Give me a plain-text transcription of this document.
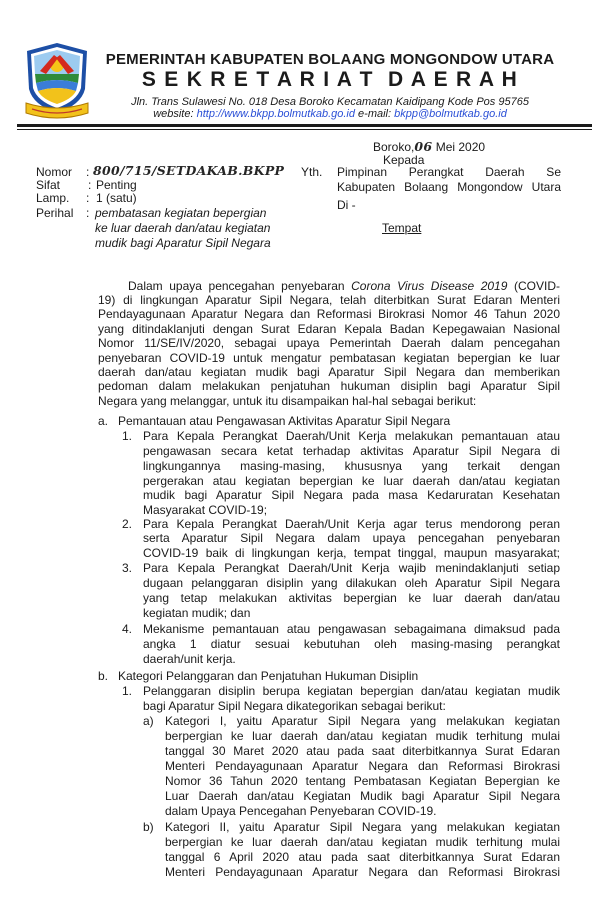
PEMERINTAH KABUPATEN BOLAANG MONGONDOW UTARA
S E K R E T A R I A T  D A E R A H
Jln. Trans Sulawesi No. 018 Desa Boroko Kecamatan Kaidipang Kode Pos 95765
website: http://www.bkpp.bolmutkab.go.id e-mail: bkpp@bolmutkab.go.id
Boroko,06 Mei 2020
Kepada
Yth. Pimpinan Perangkat Daerah Se
Kabupaten Bolaang Mongondow Utara
Di -
Tempat
Nomor : 800/715/SETDAKAB.BKPP
Sifat : Penting
Lamp. : 1 (satu)
Perihal : pembatasan kegiatan bepergian
ke luar daerah dan/atau kegiatan
mudik bagi Aparatur Sipil Negara
Dalam upaya pencegahan penyebaran Corona Virus Disease 2019 (COVID-
19) di lingkungan Aparatur Sipil Negara, telah diterbitkan Surat Edaran Menteri
Pendayagunaan Aparatur Negara dan Reformasi Birokrasi Nomor 46 Tahun 2020
yang ditindaklanjuti dengan Surat Edaran Kepala Badan Kepegawaian Nasional
Nomor 11/SE/IV/2020, sebagai upaya Pemerintah Daerah dalam pencegahan
penyebaran COVID-19 untuk mengatur pembatasan kegiatan bepergian ke luar
daerah dan/atau kegiatan mudik bagi Aparatur Sipil Negara dan memberikan
pedoman dalam melakukan penjatuhan hukuman disiplin bagi Aparatur Sipil
Negara yang melanggar, untuk itu disampaikan hal-hal sebagai berikut:
a. Pemantauan atau Pengawasan Aktivitas Aparatur Sipil Negara
1. Para Kepala Perangkat Daerah/Unit Kerja melakukan pemantauan atau
pengawasan secara ketat terhadap aktivitas Aparatur Sipil Negara di
lingkungannya masing-masing, khususnya yang terkait dengan
pergerakan atau kegiatan bepergian ke luar daerah dan/atau kegiatan
mudik bagi Aparatur Sipil Negara pada masa Kedaruratan Kesehatan
Masyarakat COVID-19;
2. Para Kepala Perangkat Daerah/Unit Kerja agar terus mendorong peran
serta Aparatur Sipil Negara dalam upaya pencegahan penyebaran
COVID-19 baik di lingkungan kerja, tempat tinggal, maupun masyarakat;
3. Para Kepala Perangkat Daerah/Unit Kerja wajib menindaklanjuti setiap
dugaan pelanggaran disiplin yang dilakukan oleh Aparatur Sipil Negara
yang tetap melakukan aktivitas bepergian ke luar daerah dan/atau
kegiatan mudik; dan
4. Mekanisme pemantauan atau pengawasan sebagaimana dimaksud pada
angka 1 diatur sesuai kebutuhan oleh masing-masing perangkat
daerah/unit kerja.
b. Kategori Pelanggaran dan Penjatuhan Hukuman Disiplin
1. Pelanggaran disiplin berupa kegiatan bepergian dan/atau kegiatan mudik
bagi Aparatur Sipil Negara dikategorikan sebagai berikut:
a) Kategori I, yaitu Aparatur Sipil Negara yang melakukan kegiatan
berpergian ke luar daerah dan/atau kegiatan mudik terhitung mulai
tanggal 30 Maret 2020 atau pada saat diterbitkannya Surat Edaran
Menteri Pendayagunaan Aparatur Negara dan Reformasi Birokrasi
Nomor 36 Tahun 2020 tentang Pembatasan Kegiatan Bepergian ke
Luar Daerah dan/atau Kegiatan Mudik bagi Aparatur Sipil Negara
dalam Upaya Pencegahan Penyebaran COVID-19.
b) Kategori II, yaitu Aparatur Sipil Negara yang melakukan kegiatan
berpergian ke luar daerah dan/atau kegiatan mudik terhitung mulai
tanggal 6 April 2020 atau pada saat diterbitkannya Surat Edaran
Menteri Pendayagunaan Aparatur Negara dan Reformasi Birokrasi
